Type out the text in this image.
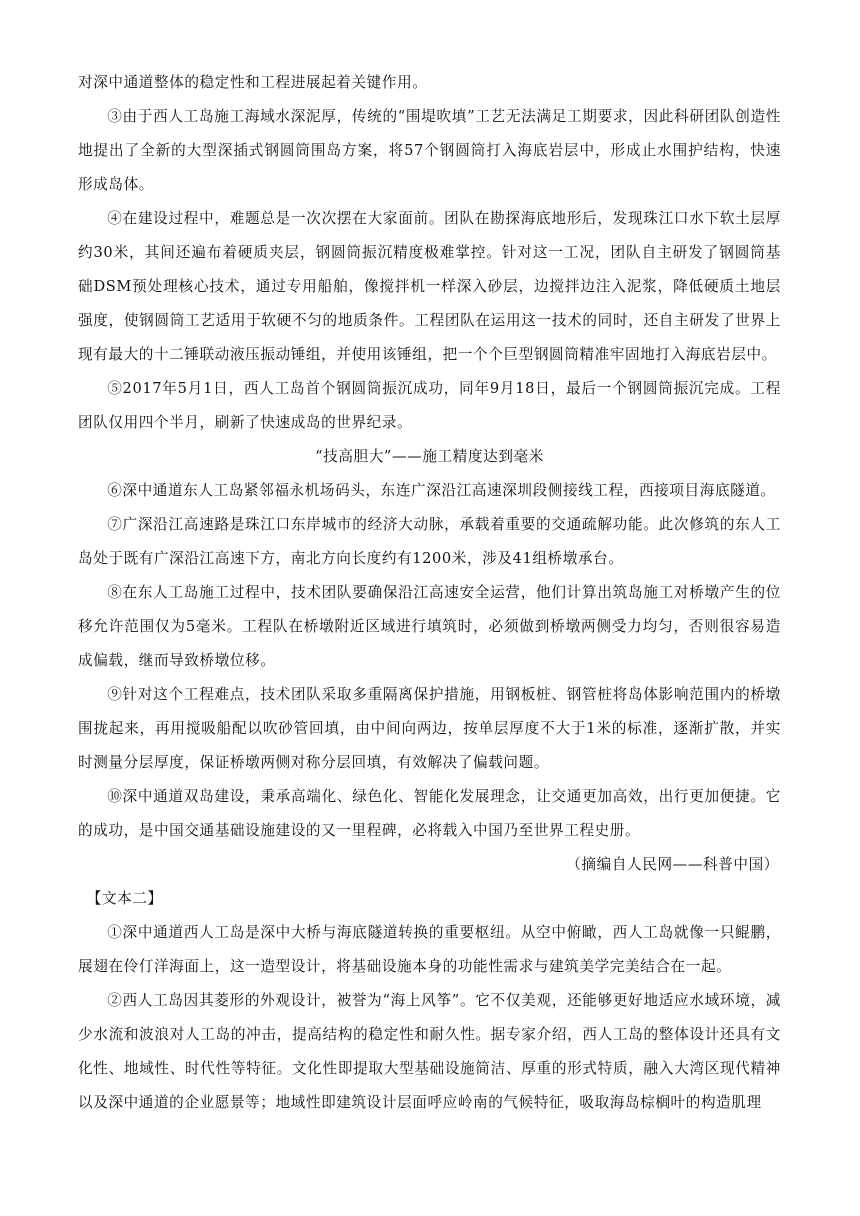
对深中通道整体的稳定性和工程进展起着关键作用。

③由于西人工岛施工海域水深泥厚，传统的“围堤吹填”工艺无法满足工期要求，因此科研团队创造性地提出了全新的大型深插式钢圆筒围岛方案，将57个钢圆筒打入海底岩层中，形成止水围护结构，快速形成岛体。

④在建设过程中，难题总是一次次摆在大家面前。团队在勘探海底地形后，发现珠江口水下软土层厚约30米，其间还遍布着硬质夹层，钢圆筒振沉精度极难掌控。针对这一工况，团队自主研发了钢圆筒基础DSM预处理核心技术，通过专用船舶，像搅拌机一样深入砂层，边搅拌边注入泥浆，降低硬质土地层强度，使钢圆筒工艺适用于软硬不匀的地质条件。工程团队在运用这一技术的同时，还自主研发了世界上现有最大的十二锤联动液压振动锤组，并使用该锤组，把一个个巨型钢圆筒精准牢固地打入海底岩层中。

⑤2017年5月1日，西人工岛首个钢圆筒振沉成功，同年9月18日，最后一个钢圆筒振沉完成。工程团队仅用四个半月，刷新了快速成岛的世界纪录。

“技高胆大”——施工精度达到毫米

⑥深中通道东人工岛紧邻福永机场码头，东连广深沿江高速深圳段侧接线工程，西接项目海底隧道。

⑦广深沿江高速路是珠江口东岸城市的经济大动脉，承载着重要的交通疏解功能。此次修筑的东人工岛处于既有广深沿江高速下方，南北方向长度约有1200米，涉及41组桥墩承台。

⑧在东人工岛施工过程中，技术团队要确保沿江高速安全运营，他们计算出筑岛施工对桥墩产生的位移允许范围仅为5毫米。工程队在桥墩附近区域进行填筑时，必须做到桥墩两侧受力均匀，否则很容易造成偏载，继而导致桥墩位移。

⑨针对这个工程难点，技术团队采取多重隔离保护措施，用钢板桩、钢管桩将岛体影响范围内的桥墩围拢起来，再用搅吸船配以吹砂管回填，由中间向两边，按单层厚度不大于1米的标准，逐渐扩散，并实时测量分层厚度，保证桥墩两侧对称分层回填，有效解决了偏载问题。

⑩深中通道双岛建设，秉承高端化、绿色化、智能化发展理念，让交通更加高效，出行更加便捷。它的成功，是中国交通基础设施建设的又一里程碑，必将载入中国乃至世界工程史册。

（摘编自人民网——科普中国）

【文本二】

①深中通道西人工岛是深中大桥与海底隧道转换的重要枢纽。从空中俯瞰，西人工岛就像一只鲲鹏，展翅在伶仃洋海面上，这一造型设计，将基础设施本身的功能性需求与建筑美学完美结合在一起。

②西人工岛因其菱形的外观设计，被誉为“海上风筝”。它不仅美观，还能够更好地适应水域环境，减少水流和波浪对人工岛的冲击，提高结构的稳定性和耐久性。据专家介绍，西人工岛的整体设计还具有文化性、地域性、时代性等特征。文化性即提取大型基础设施简洁、厚重的形式特质，融入大湾区现代精神以及深中通道的企业愿景等；地域性即建筑设计层面呼应岭南的气候特征，吸取海岛棕榈叶的构造肌理
